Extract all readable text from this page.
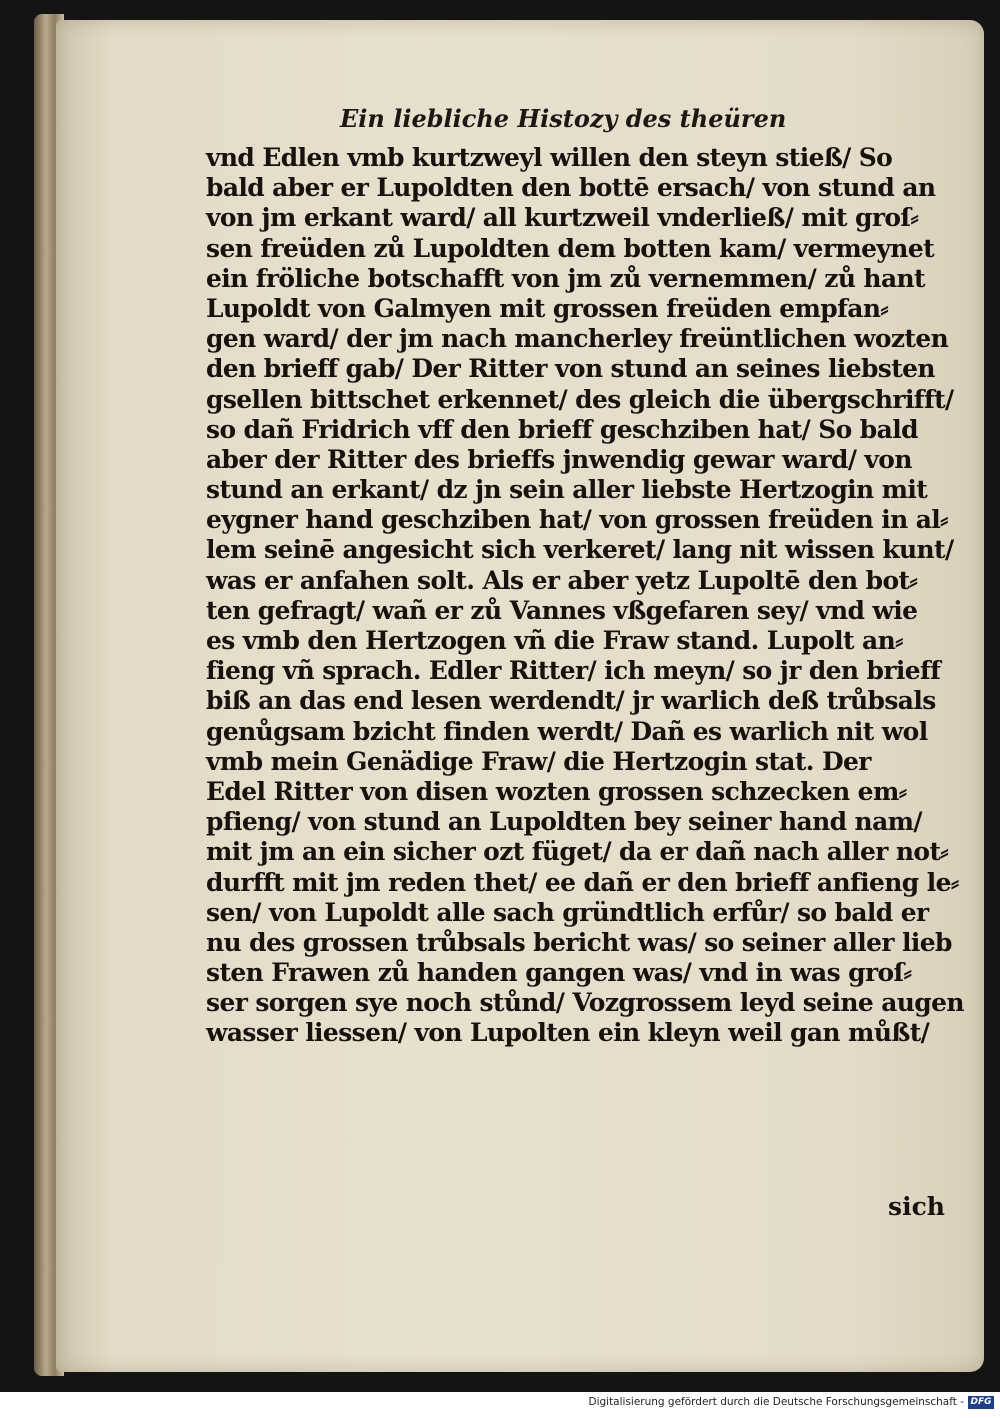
Ein liebliche Histozy des theüren
vnd Edlen vmb kurtzweyl willen den steyn stieß/ So
bald aber er Lupoldten den bottē ersach/ von stund an
von jm erkant ward/ all kurtzweil vnderließ/ mit groſ⸗
sen freüden zů Lupoldten dem botten kam/ vermeynet
ein fröliche botschafft von jm zů vernemmen/ zů hant
Lupoldt von Galmyen mit grossen freüden empfan⸗
gen ward/ der jm nach mancherley freüntlichen wozten
den brieff gab/ Der Ritter von stund an seines liebsten
gsellen bittschet erkennet/ des gleich die übergschrifft/
so dañ Fridrich vff den brieff geschziben hat/ So bald
aber der Ritter des brieffs jnwendig gewar ward/ von
stund an erkant/ dz jn sein aller liebste Hertzogin mit
eygner hand geschziben hat/ von grossen freüden in al⸗
lem seinē angesicht sich verkeret/ lang nit wissen kunt/
was er anfahen solt. Als er aber yetz Lupoltē den bot⸗
ten gefragt/ wañ er zů Vannes vßgefaren sey/ vnd wie
es vmb den Hertzogen vñ die Fraw stand. Lupolt an⸗
fieng vñ sprach. Edler Ritter/ ich meyn/ so jr den brieff
biß an das end lesen werdendt/ jr warlich deß trůbsals
genůgsam bzicht finden werdt/ Dañ es warlich nit wol
vmb mein Genädige Fraw/ die Hertzogin stat. Der
Edel Ritter von disen wozten grossen schzecken em⸗
pfieng/ von stund an Lupoldten bey seiner hand nam/
mit jm an ein sicher ozt füget/ da er dañ nach aller not⸗
durfft mit jm reden thet/ ee dañ er den brieff anfieng le⸗
sen/ von Lupoldt alle sach gründtlich erfůr/ so bald er
nu des grossen trůbsals bericht was/ so seiner aller lieb
sten Frawen zů handen gangen was/ vnd in was groſ⸗
ser sorgen sye noch stůnd/ Vozgrossem leyd seine augen
wasser liessen/ von Lupolten ein kleyn weil gan můßt/
sich
Digitalisierung gefördert durch die Deutsche Forschungsgemeinschaft - DFG
